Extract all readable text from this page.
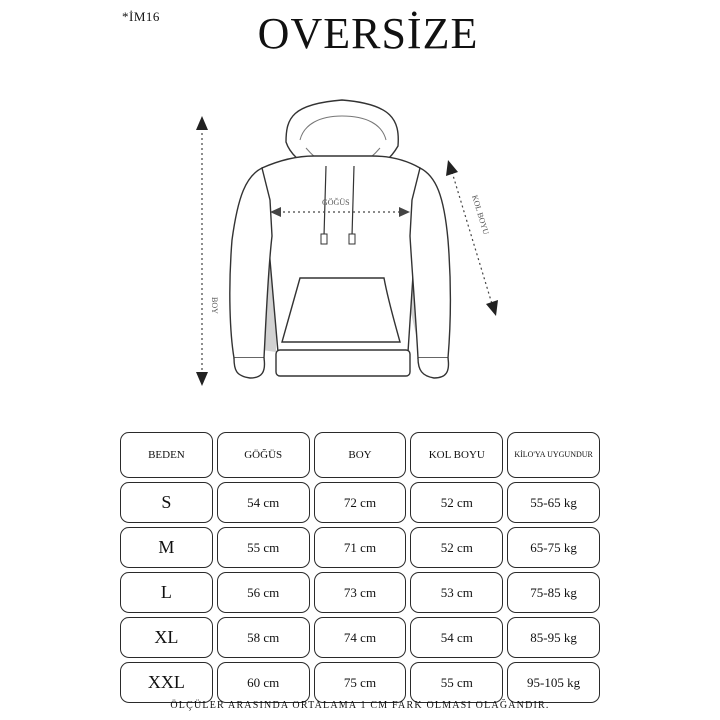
*İM16	OVERSİZE
GÖĞÜS
BOY
KOL BOYU
BEDEN	GÖĞÜS	BOY	KOL BOYU	KİLO'YA UYGUNDUR
S	54 cm	72 cm	52 cm	55-65 kg
M	55 cm	71 cm	52 cm	65-75 kg
L	56 cm	73 cm	53 cm	75-85 kg
XL	58 cm	74 cm	54 cm	85-95 kg
XXL	60 cm	75 cm	55 cm	95-105 kg
ÖLÇÜLER ARASINDA ORTALAMA 1 CM FARK OLMASI OLAĞANDIR.
